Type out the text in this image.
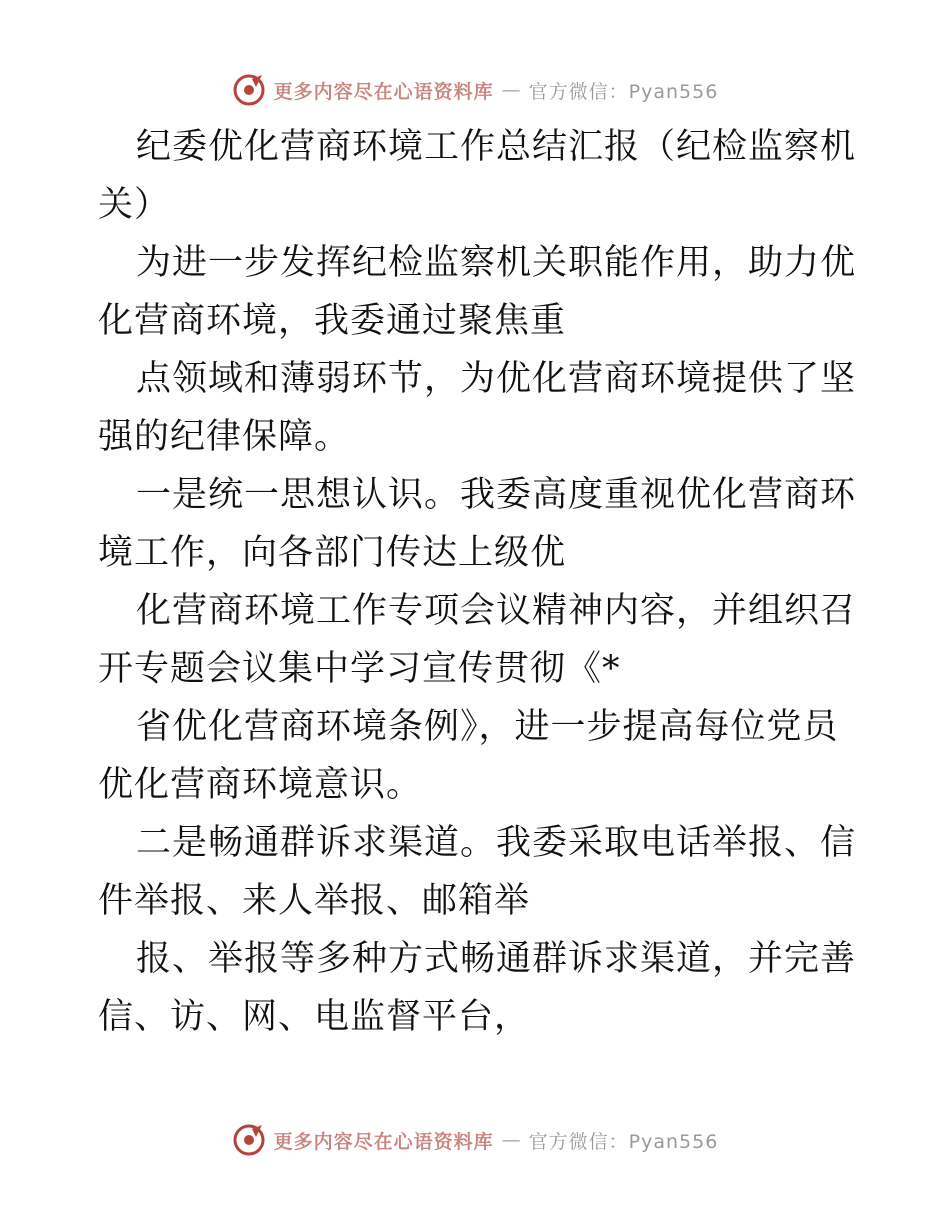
更多内容尽在心语资料库 — 官方微信：Pyan556

纪委优化营商环境工作总结汇报（纪检监察机关）

为进一步发挥纪检监察机关职能作用，助力优化营商环境，我委通过聚焦重

点领域和薄弱环节，为优化营商环境提供了坚强的纪律保障。

一是统一思想认识。我委高度重视优化营商环境工作，向各部门传达上级优

化营商环境工作专项会议精神内容，并组织召开专题会议集中学习宣传贯彻《*

省优化营商环境条例》，进一步提高每位党员优化营商环境意识。

二是畅通群诉求渠道。我委采取电话举报、信件举报、来人举报、邮箱举

报、举报等多种方式畅通群诉求渠道，并完善信、访、网、电监督平台，

更多内容尽在心语资料库 — 官方微信：Pyan556
